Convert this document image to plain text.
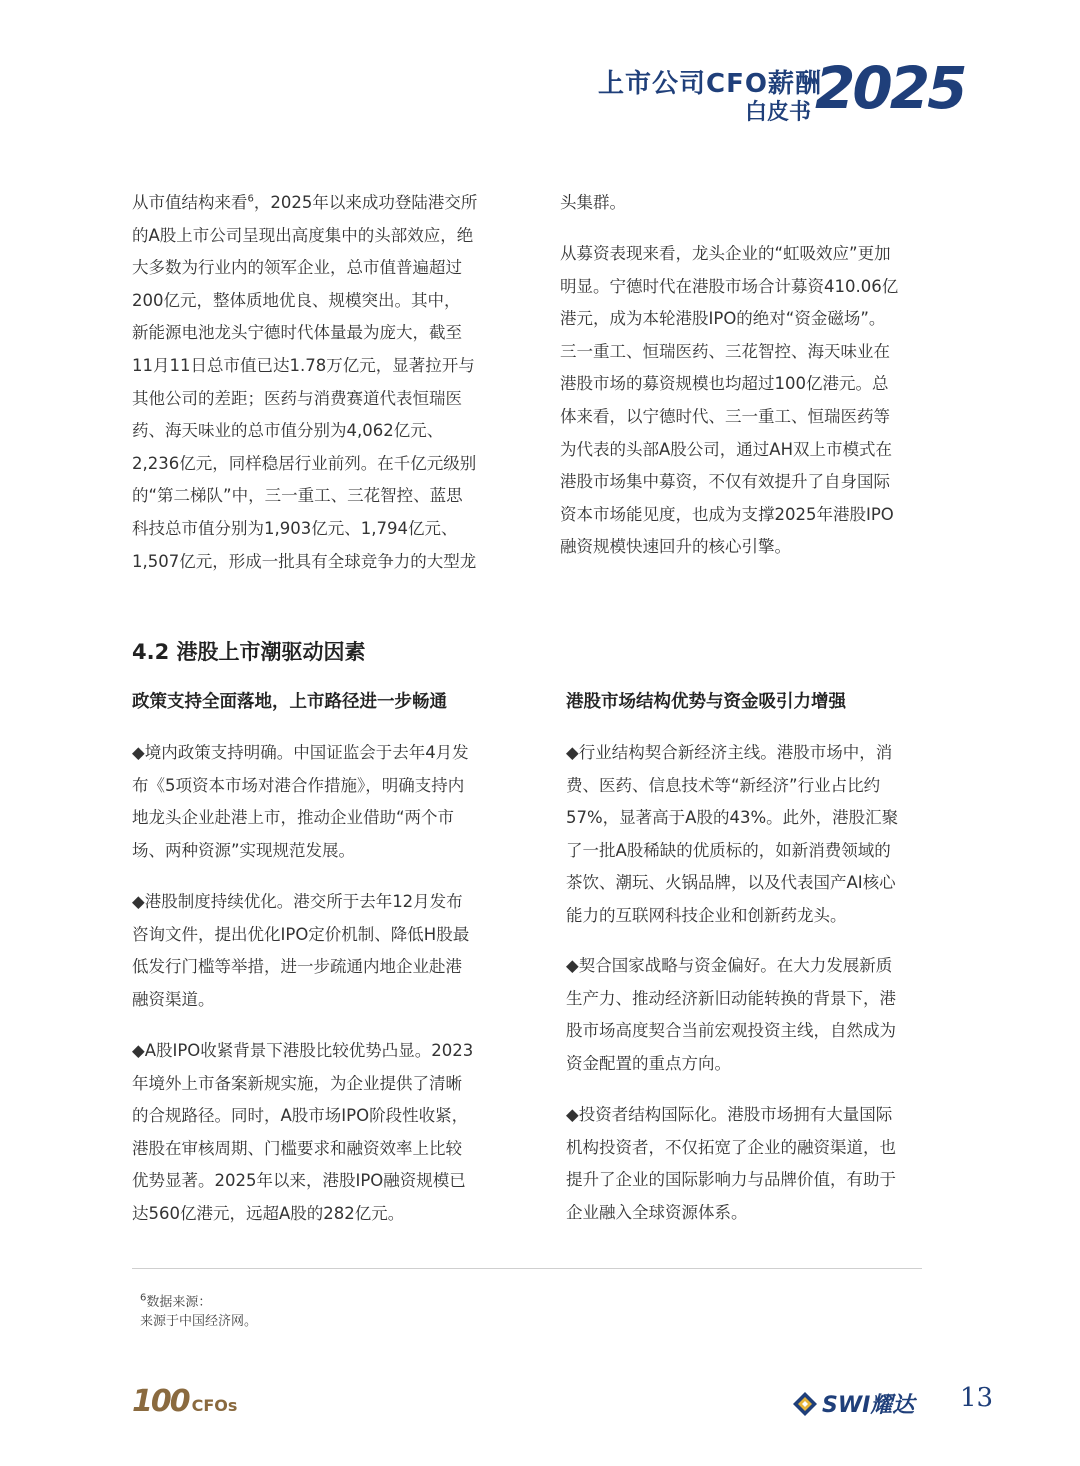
上市公司CFO薪酬
白皮书 2025
从市值结构来看$^6$，2025年以来成功登陆港交所
的A股上市公司呈现出高度集中的头部效应，绝
大多数为行业内的领军企业，总市值普遍超过
200亿元，整体质地优良、规模突出。其中，
新能源电池龙头宁德时代体量最为庞大，截至
11月11日总市值已达1.78万亿元，显著拉开与
其他公司的差距；医药与消费赛道代表恒瑞医
药、海天味业的总市值分别为4,062亿元、
2,236亿元，同样稳居行业前列。在千亿元级别
的“第二梯队”中，三一重工、三花智控、蓝思
科技总市值分别为1,903亿元、1,794亿元、
1,507亿元，形成一批具有全球竞争力的大型龙
头集群。
从募资表现来看，龙头企业的“虹吸效应”更加
明显。宁德时代在港股市场合计募资410.06亿
港元，成为本轮港股IPO的绝对“资金磁场”。
三一重工、恒瑞医药、三花智控、海天味业在
港股市场的募资规模也均超过100亿港元。总
体来看，以宁德时代、三一重工、恒瑞医药等
为代表的头部A股公司，通过AH双上市模式在
港股市场集中募资，不仅有效提升了自身国际
资本市场能见度，也成为支撑2025年港股IPO
融资规模快速回升的核心引擎。
4.2 港股上市潮驱动因素
政策支持全面落地，上市路径进一步畅通
◆境内政策支持明确。中国证监会于去年4月发
布《5项资本市场对港合作措施》，明确支持内
地龙头企业赴港上市，推动企业借助“两个市
场、两种资源”实现规范发展。
◆港股制度持续优化。港交所于去年12月发布
咨询文件，提出优化IPO定价机制、降低H股最
低发行门槛等举措，进一步疏通内地企业赴港
融资渠道。
◆A股IPO收紧背景下港股比较优势凸显。2023
年境外上市备案新规实施，为企业提供了清晰
的合规路径。同时，A股市场IPO阶段性收紧，
港股在审核周期、门槛要求和融资效率上比较
优势显著。2025年以来，港股IPO融资规模已
达560亿港元，远超A股的282亿元。
港股市场结构优势与资金吸引力增强
◆行业结构契合新经济主线。港股市场中，消
费、医药、信息技术等“新经济”行业占比约
57%，显著高于A股的43%。此外，港股汇聚
了一批A股稀缺的优质标的，如新消费领域的
茶饮、潮玩、火锅品牌，以及代表国产AI核心
能力的互联网科技企业和创新药龙头。
◆契合国家战略与资金偏好。在大力发展新质
生产力、推动经济新旧动能转换的背景下，港
股市场高度契合当前宏观投资主线，自然成为
资金配置的重点方向。
◆投资者结构国际化。港股市场拥有大量国际
机构投资者，不仅拓宽了企业的融资渠道，也
提升了企业的国际影响力与品牌价值，有助于
企业融入全球资源体系。
$^6$数据来源：
来源于中国经济网。
100 CFOs	SWI耀达 13
